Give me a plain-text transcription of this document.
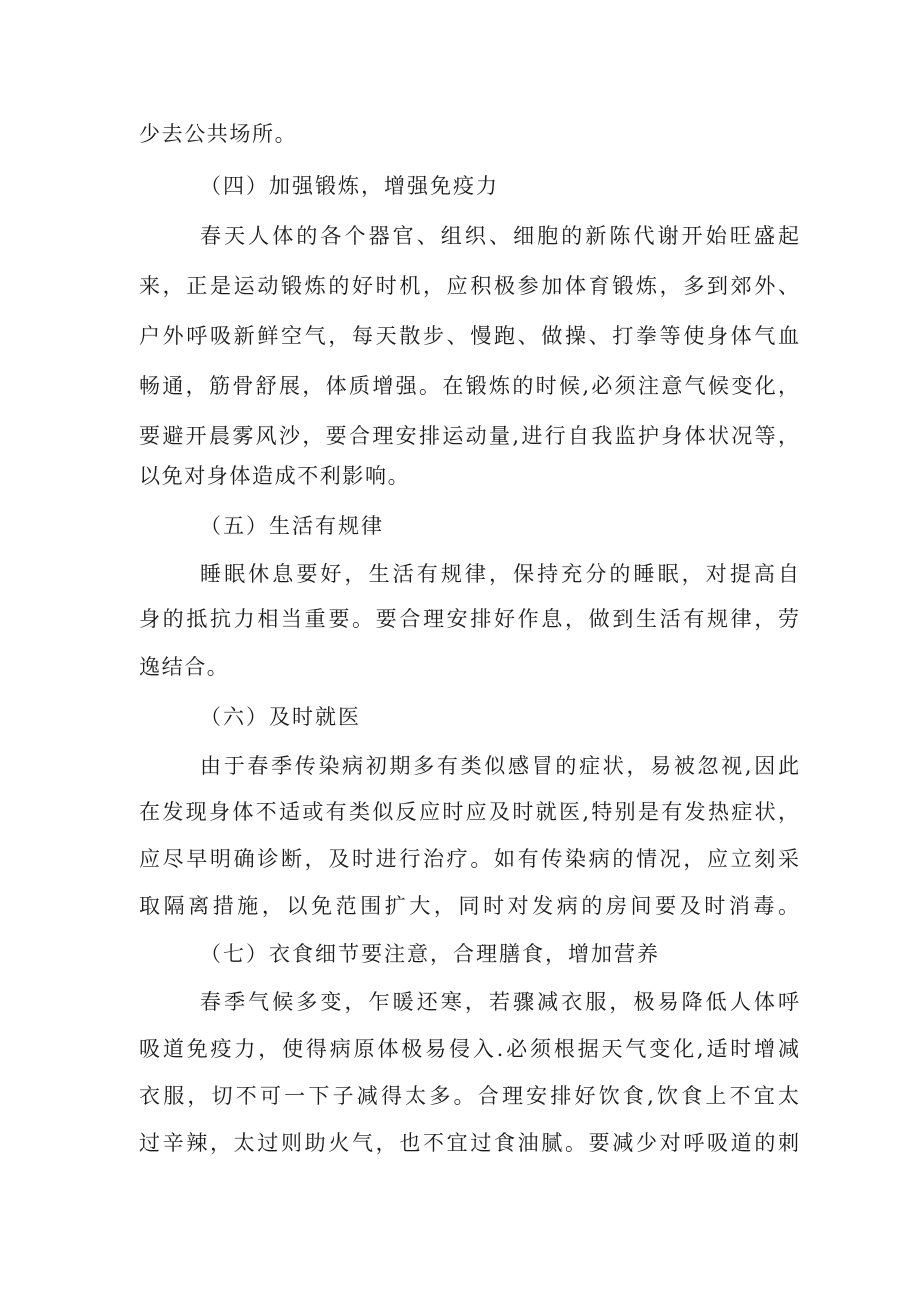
少去公共场所。
（四）加强锻炼，增强免疫力
春天人体的各个器官、组织、细胞的新陈代谢开始旺盛起
来，正是运动锻炼的好时机，应积极参加体育锻炼，多到郊外、
户外呼吸新鲜空气，每天散步、慢跑、做操、打拳等使身体气血
畅通，筋骨舒展，体质增强。在锻炼的时候,必须注意气候变化，
要避开晨雾风沙，要合理安排运动量,进行自我监护身体状况等，
以免对身体造成不利影响。
（五）生活有规律
睡眠休息要好，生活有规律，保持充分的睡眠，对提高自
身的抵抗力相当重要。要合理安排好作息，做到生活有规律，劳
逸结合。
（六）及时就医
由于春季传染病初期多有类似感冒的症状，易被忽视,因此
在发现身体不适或有类似反应时应及时就医,特别是有发热症状，
应尽早明确诊断，及时进行治疗。如有传染病的情况，应立刻采
取隔离措施，以免范围扩大，同时对发病的房间要及时消毒。
（七）衣食细节要注意，合理膳食，增加营养
春季气候多变，乍暖还寒，若骤减衣服，极易降低人体呼
吸道免疫力，使得病原体极易侵入.必须根据天气变化,适时增减
衣服，切不可一下子减得太多。合理安排好饮食,饮食上不宜太
过辛辣，太过则助火气，也不宜过食油腻。要减少对呼吸道的刺
